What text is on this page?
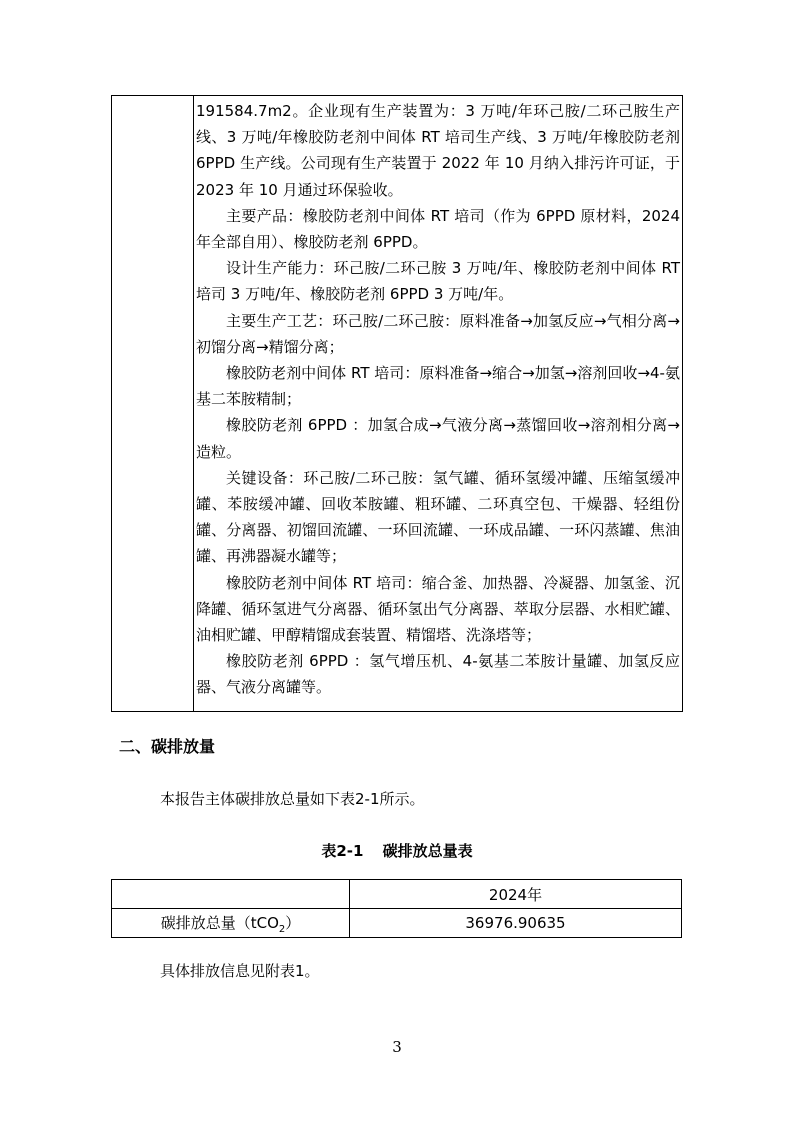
191584.7m2。企业现有生产装置为：3 万吨/年环己胺/二环己胺生产线、3 万吨/年橡胶防老剂中间体 RT 培司生产线、3 万吨/年橡胶防老剂 6PPD 生产线。公司现有生产装置于 2022 年 10 月纳入排污许可证，于 2023 年 10 月通过环保验收。

主要产品：橡胶防老剂中间体 RT 培司（作为 6PPD 原材料，2024 年全部自用）、橡胶防老剂 6PPD。

设计生产能力：环己胺/二环己胺 3 万吨/年、橡胶防老剂中间体 RT 培司 3 万吨/年、橡胶防老剂 6PPD 3 万吨/年。

主要生产工艺：环己胺/二环己胺：原料准备→加氢反应→气相分离→初馏分离→精馏分离；

橡胶防老剂中间体 RT 培司：原料准备→缩合→加氢→溶剂回收→4-氨基二苯胺精制；

橡胶防老剂 6PPD ：加氢合成→气液分离→蒸馏回收→溶剂相分离→造粒。

关键设备：环己胺/二环己胺：氢气罐、循环氢缓冲罐、压缩氢缓冲罐、苯胺缓冲罐、回收苯胺罐、粗环罐、二环真空包、干燥器、轻组份罐、分离器、初馏回流罐、一环回流罐、一环成品罐、一环闪蒸罐、焦油罐、再沸器凝水罐等；

橡胶防老剂中间体 RT 培司：缩合釜、加热器、冷凝器、加氢釜、沉降罐、循环氢进气分离器、循环氢出气分离器、萃取分层器、水相贮罐、油相贮罐、甲醇精馏成套装置、精馏塔、洗涤塔等；

橡胶防老剂 6PPD ：氢气增压机、4-氨基二苯胺计量罐、加氢反应器、气液分离罐等。

二、碳排放量
本报告主体碳排放总量如下表2-1所示。
表2-1 碳排放总量表
	2024年
碳排放总量（tCO$_2$）	36976.90635
具体排放信息见附表1。
3
